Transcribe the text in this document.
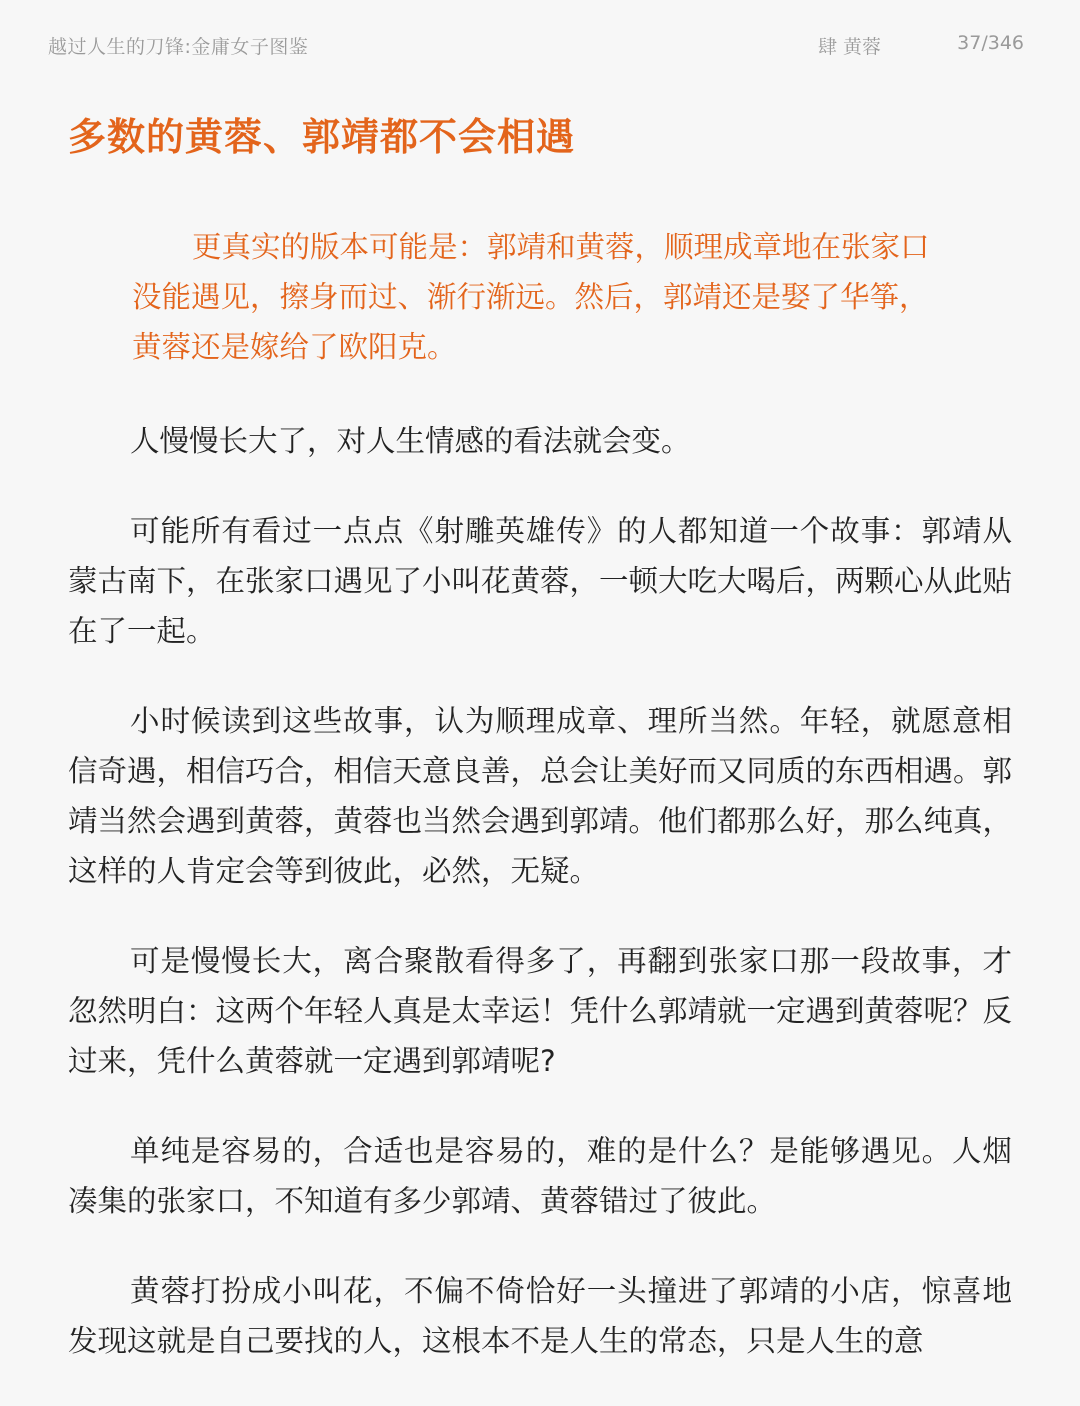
越过人生的刀锋:金庸女子图鉴	肆 黄蓉	37/346
多数的黄蓉、郭靖都不会相遇

更真实的版本可能是：郭靖和黄蓉，顺理成章地在张家口没能遇见，擦身而过、渐行渐远。然后，郭靖还是娶了华筝，黄蓉还是嫁给了欧阳克。

人慢慢长大了，对人生情感的看法就会变。

可能所有看过一点点《射雕英雄传》的人都知道一个故事：郭靖从蒙古南下，在张家口遇见了小叫花黄蓉，一顿大吃大喝后，两颗心从此贴在了一起。

小时候读到这些故事，认为顺理成章、理所当然。年轻，就愿意相信奇遇，相信巧合，相信天意良善，总会让美好而又同质的东西相遇。郭靖当然会遇到黄蓉，黄蓉也当然会遇到郭靖。他们都那么好，那么纯真，这样的人肯定会等到彼此，必然，无疑。

可是慢慢长大，离合聚散看得多了，再翻到张家口那一段故事，才忽然明白：这两个年轻人真是太幸运！凭什么郭靖就一定遇到黄蓉呢？反过来，凭什么黄蓉就一定遇到郭靖呢?

单纯是容易的，合适也是容易的，难的是什么？是能够遇见。人烟凑集的张家口，不知道有多少郭靖、黄蓉错过了彼此。

黄蓉打扮成小叫花，不偏不倚恰好一头撞进了郭靖的小店，惊喜地发现这就是自己要找的人，这根本不是人生的常态，只是人生的意
